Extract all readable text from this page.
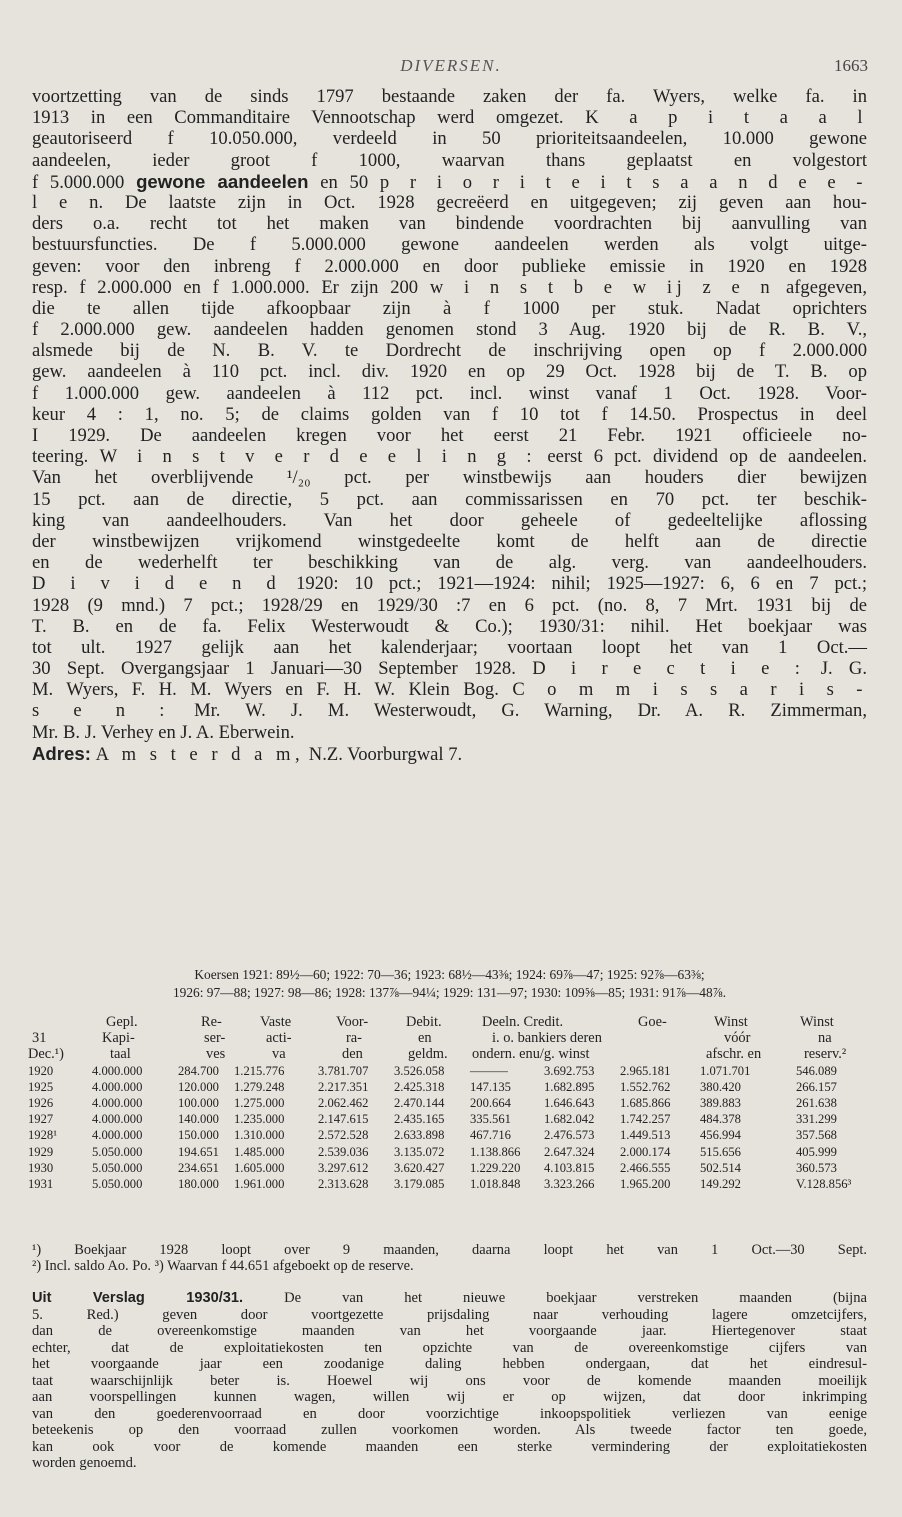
DIVERSEN.	1663
voortzetting van de sinds 1797 bestaande zaken der fa. Wyers, welke fa. in
1913 in een Commanditaire Vennootschap werd omgezet. K a p i t a a l
geautoriseerd f 10.050.000, verdeeld in 50 prioriteitsaandeelen, 10.000 gewone
aandeelen, ieder groot f 1000, waarvan thans geplaatst en volgestort
f 5.000.000 gewone aandeelen en 50 p r i o r i t e i t s a a n d e e -
l e n. De laatste zijn in Oct. 1928 gecreëerd en uitgegeven; zij geven aan hou-
ders o.a. recht tot het maken van bindende voordrachten bij aanvulling van
bestuursfuncties. De f 5.000.000 gewone aandeelen werden als volgt uitge-
geven: voor den inbreng f 2.000.000 en door publieke emissie in 1920 en 1928
resp. f 2.000.000 en f 1.000.000. Er zijn 200 w i n s t b e w ij z e n afgegeven,
die te allen tijde afkoopbaar zijn à f 1000 per stuk. Nadat oprichters
f 2.000.000 gew. aandeelen hadden genomen stond 3 Aug. 1920 bij de R. B. V.,
alsmede bij de N. B. V. te Dordrecht de inschrijving open op f 2.000.000
gew. aandeelen à 110 pct. incl. div. 1920 en op 29 Oct. 1928 bij de T. B. op
f 1.000.000 gew. aandeelen à 112 pct. incl. winst vanaf 1 Oct. 1928. Voor-
keur 4 : 1, no. 5; de claims golden van f 10 tot f 14.50. Prospectus in deel
I 1929. De aandeelen kregen voor het eerst 21 Febr. 1921 officieele no-
teering. W i n s t v e r d e e l i n g : eerst 6 pct. dividend op de aandeelen.
Van het overblijvende ¹/₂₀ pct. per winstbewijs aan houders dier bewijzen
15 pct. aan de directie, 5 pct. aan commissarissen en 70 pct. ter beschik-
king van aandeelhouders. Van het door geheele of gedeeltelijke aflossing
der winstbewijzen vrijkomend winstgedeelte komt de helft aan de directie
en de wederhelft ter beschikking van de alg. verg. van aandeelhouders.
D i v i d e n d 1920: 10 pct.; 1921—1924: nihil; 1925—1927: 6, 6 en 7 pct.;
1928 (9 mnd.) 7 pct.; 1928/29 en 1929/30 :7 en 6 pct. (no. 8, 7 Mrt. 1931 bij de
T. B. en de fa. Felix Westerwoudt & Co.); 1930/31: nihil. Het boekjaar was
tot ult. 1927 gelijk aan het kalenderjaar; voortaan loopt het van 1 Oct.—
30 Sept. Overgangsjaar 1 Januari—30 September 1928. D i r e c t i e : J. G.
M. Wyers, F. H. M. Wyers en F. H. W. Klein Bog. C o m m i s s a r i s -
s e n : Mr. W. J. M. Westerwoudt, G. Warning, Dr. A. R. Zimmerman,
Mr. B. J. Verhey en J. A. Eberwein.
Adres: A m s t e r d a m, N.Z. Voorburgwal 7.
Koersen 1921: 89½—60; 1922: 70—36; 1923: 68½—43⅜; 1924: 69⅞—47; 1925: 92⅞—63⅜;
1926: 97—88; 1927: 98—86; 1928: 137⅞—94¼; 1929: 131—97; 1930: 109⅝—85; 1931: 91⅞—48⅞.
Gepl.	Re-	Vaste	Voor-	Debit.	Deeln. Credit.	Goe-	Winst	Winst
31	Kapi-	ser-	acti-	ra-	en	i. o. bankiers deren	vóór	na
Dec.¹)	taal	ves	va	den	geldm. ondern. enu/g. winst	afschr. en	reserv.²
1920	4.000.000	284.700 1.215.776	3.781.707 3.526.058 ———	3.692.753 2.965.181 1.071.701	546.089
1925	4.000.000	120.000 1.279.248	2.217.351 2.425.318 147.135	1.682.895 1.552.762 380.420	266.157
1926	4.000.000	100.000 1.275.000	2.062.462 2.470.144 200.664	1.646.643 1.685.866 389.883	261.638
1927	4.000.000	140.000 1.235.000	2.147.615 2.435.165 335.561	1.682.042 1.742.257 484.378	331.299
1928¹	4.000.000	150.000 1.310.000	2.572.528 2.633.898 467.716	2.476.573 1.449.513 456.994	357.568
1929	5.050.000	194.651 1.485.000	2.539.036 3.135.072 1.138.866 2.647.324 2.000.174 515.656	405.999
1930	5.050.000	234.651 1.605.000	3.297.612 3.620.427 1.229.220 4.103.815 2.466.555 502.514	360.573
1931	5.050.000	180.000 1.961.000	2.313.628 3.179.085 1.018.848 3.323.266 1.965.200 149.292	V.128.856³
¹) Boekjaar 1928 loopt over 9 maanden, daarna loopt het van 1 Oct.—30 Sept.
²) Incl. saldo Ao. Po. ³) Waarvan f 44.651 afgeboekt op de reserve.
Uit Verslag 1930/31.	De van het nieuwe boekjaar verstreken maanden (bijna
5. Red.) geven door voortgezette prijsdaling naar verhouding lagere omzetcijfers,
dan de overeenkomstige maanden van het voorgaande jaar. Hiertegenover staat
echter, dat de exploitatiekosten ten opzichte van de overeenkomstige cijfers van
het voorgaande jaar een zoodanige daling hebben ondergaan, dat het eindresul-
taat waarschijnlijk beter is. Hoewel wij ons voor de komende maanden moeilijk
aan voorspellingen kunnen wagen, willen wij er op wijzen, dat door inkrimping
van den goederenvoorraad en door voorzichtige inkoopspolitiek verliezen van eenige
beteekenis op den voorraad zullen voorkomen worden. Als tweede factor ten goede,
kan ook voor de komende maanden een sterke vermindering der exploitatiekosten
worden genoemd.
